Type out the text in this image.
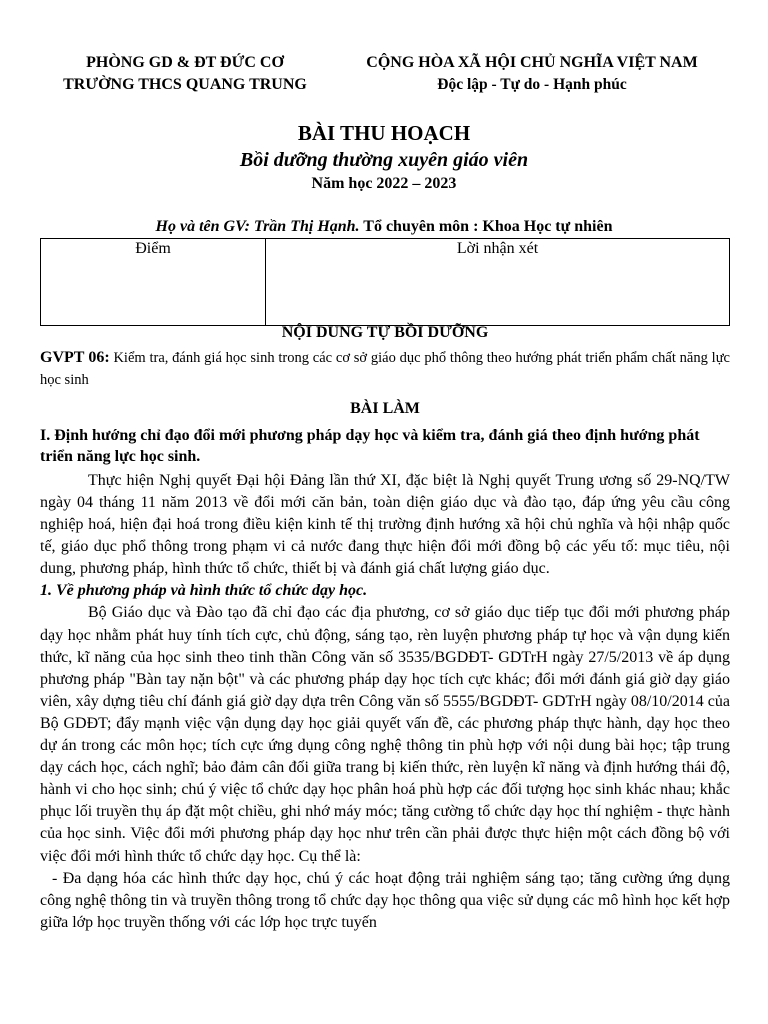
PHÒNG GD & ĐT ĐỨC CƠ
TRƯỜNG THCS QUANG TRUNG
CỘNG HÒA XÃ HỘI CHỦ NGHĨA VIỆT NAM
Độc lập - Tự do - Hạnh phúc
BÀI THU HOẠCH
Bồi dưỡng thường xuyên giáo viên
Năm học 2022 – 2023
Họ và tên GV: Trần Thị Hạnh. Tổ chuyên môn : Khoa Học tự nhiên
Điểm	Lời nhận xét

NỘI DUNG TỰ BỒI DƯỠNG

GVPT 06: Kiểm tra, đánh giá học sinh trong các cơ sở giáo dục phổ thông theo hướng phát triển phẩm chất năng lực học sinh

BÀI LÀM

I. Định hướng chỉ đạo đổi mới phương pháp dạy học và kiểm tra, đánh giá theo định hướng phát triển năng lực học sinh.

Thực hiện Nghị quyết Đại hội Đảng lần thứ XI, đặc biệt là Nghị quyết Trung ương số 29-NQ/TW ngày 04 tháng 11 năm 2013 về đổi mới căn bản, toàn diện giáo dục và đào tạo, đáp ứng yêu cầu công nghiệp hoá, hiện đại hoá trong điều kiện kinh tế thị trường định hướng xã hội chủ nghĩa và hội nhập quốc tế, giáo dục phổ thông trong phạm vi cả nước đang thực hiện đổi mới đồng bộ các yếu tố: mục tiêu, nội dung, phương pháp, hình thức tổ chức, thiết bị và đánh giá chất lượng giáo dục.

1. Về phương pháp và hình thức tổ chức dạy học.

Bộ Giáo dục và Đào tạo đã chỉ đạo các địa phương, cơ sở giáo dục tiếp tục đổi mới phương pháp dạy học nhằm phát huy tính tích cực, chủ động, sáng tạo, rèn luyện phương pháp tự học và vận dụng kiến thức, kĩ năng của học sinh theo tinh thần Công văn số 3535/BGDĐT- GDTrH ngày 27/5/2013 về áp dụng phương pháp "Bàn tay nặn bột" và các phương pháp dạy học tích cực khác; đổi mới đánh giá giờ dạy giáo viên, xây dựng tiêu chí đánh giá giờ dạy dựa trên Công văn số 5555/BGDĐT- GDTrH ngày 08/10/2014 của Bộ GDĐT; đẩy mạnh việc vận dụng dạy học giải quyết vấn đề, các phương pháp thực hành, dạy học theo dự án trong các môn học; tích cực ứng dụng công nghệ thông tin phù hợp với nội dung bài học; tập trung dạy cách học, cách nghĩ; bảo đảm cân đối giữa trang bị kiến thức, rèn luyện kĩ năng và định hướng thái độ, hành vi cho học sinh; chú ý việc tổ chức dạy học phân hoá phù hợp các đối tượng học sinh khác nhau; khắc phục lối truyền thụ áp đặt một chiều, ghi nhớ máy móc; tăng cường tổ chức dạy học thí nghiệm - thực hành của học sinh. Việc đổi mới phương pháp dạy học như trên cần phải được thực hiện một cách đồng bộ với việc đổi mới hình thức tổ chức dạy học. Cụ thể là:

- Đa dạng hóa các hình thức dạy học, chú ý các hoạt động trải nghiệm sáng tạo; tăng cường ứng dụng công nghệ thông tin và truyền thông trong tổ chức dạy học thông qua việc sử dụng các mô hình học kết hợp giữa lớp học truyền thống với các lớp học trực tuyến
